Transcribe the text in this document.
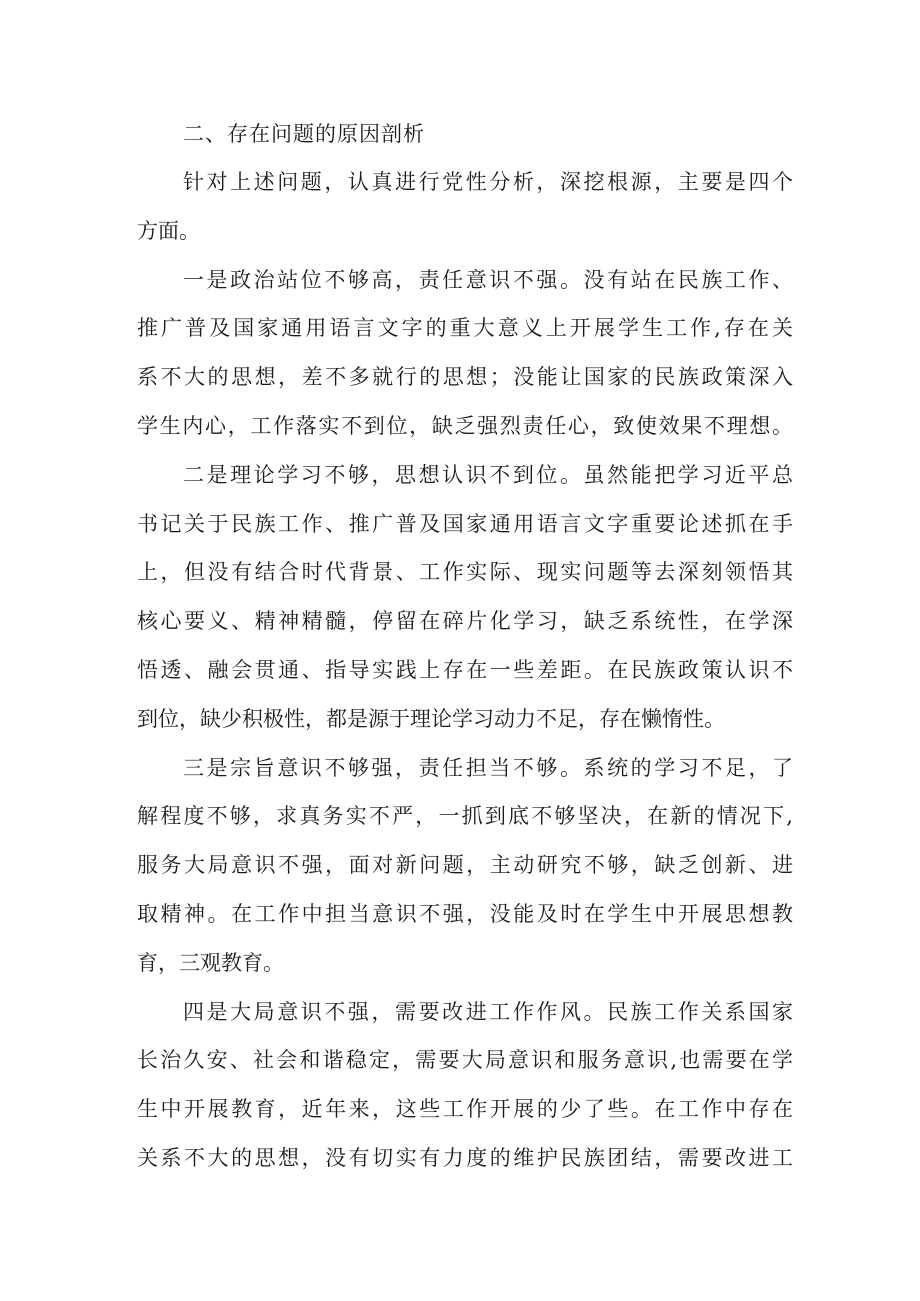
二、存在问题的原因剖析
针对上述问题，认真进行党性分析，深挖根源，主要是四个
方面。
一是政治站位不够高，责任意识不强。没有站在民族工作、
推广普及国家通用语言文字的重大意义上开展学生工作,存在关
系不大的思想，差不多就行的思想；没能让国家的民族政策深入
学生内心，工作落实不到位，缺乏强烈责任心，致使效果不理想。
二是理论学习不够，思想认识不到位。虽然能把学习近平总
书记关于民族工作、推广普及国家通用语言文字重要论述抓在手
上，但没有结合时代背景、工作实际、现实问题等去深刻领悟其
核心要义、精神精髓，停留在碎片化学习，缺乏系统性，在学深
悟透、融会贯通、指导实践上存在一些差距。在民族政策认识不
到位，缺少积极性，都是源于理论学习动力不足，存在懒惰性。
三是宗旨意识不够强，责任担当不够。系统的学习不足，了
解程度不够，求真务实不严，一抓到底不够坚决，在新的情况下,
服务大局意识不强，面对新问题，主动研究不够，缺乏创新、进
取精神。在工作中担当意识不强，没能及时在学生中开展思想教
育，三观教育。
四是大局意识不强，需要改进工作作风。民族工作关系国家
长治久安、社会和谐稳定，需要大局意识和服务意识,也需要在学
生中开展教育，近年来，这些工作开展的少了些。在工作中存在
关系不大的思想，没有切实有力度的维护民族团结，需要改进工
